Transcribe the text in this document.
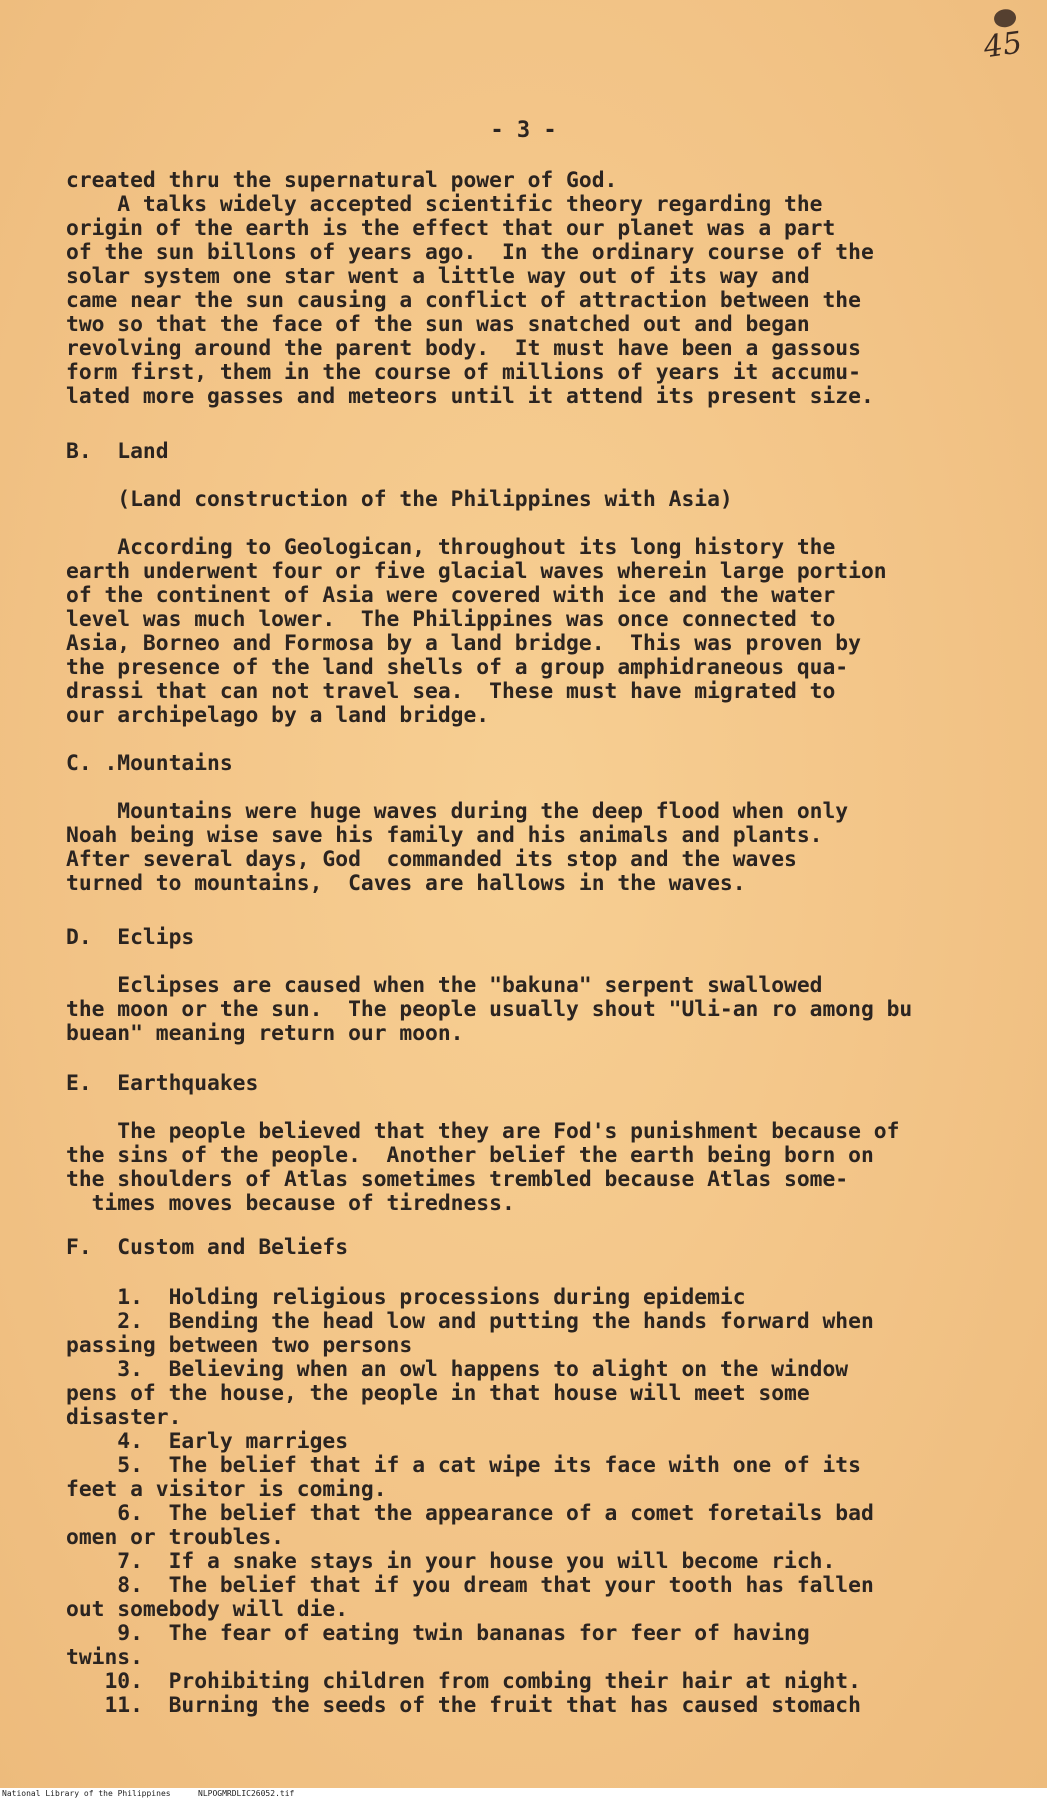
45
- 3 -
created thru the supernatural power of God.
A talks widely accepted scientific theory regarding the
origin of the earth is the effect that our planet was a part
of the sun billons of years ago.  In the ordinary course of the
solar system one star went a little way out of its way and
came near the sun causing a conflict of attraction between the
two so that the face of the sun was snatched out and began
revolving around the parent body.  It must have been a gassous
form first, them in the course of millions of years it accumu-
lated more gasses and meteors until it attend its present size.
B.  Land
(Land construction of the Philippines with Asia)
According to Geologican, throughout its long history the
earth underwent four or five glacial waves wherein large portion
of the continent of Asia were covered with ice and the water
level was much lower.  The Philippines was once connected to
Asia, Borneo and Formosa by a land bridge.  This was proven by
the presence of the land shells of a group amphidraneous qua-
drassi that can not travel sea.  These must have migrated to
our archipelago by a land bridge.
C. .Mountains
Mountains were huge waves during the deep flood when only
Noah being wise save his family and his animals and plants.
After several days, God  commanded its stop and the waves
turned to mountains,  Caves are hallows in the waves.
D.  Eclips
Eclipses are caused when the "bakuna" serpent swallowed
the moon or the sun.  The people usually shout "Uli-an ro among bu
buean" meaning return our moon.
E.  Earthquakes
The people believed that they are Fod's punishment because of
the sins of the people.  Another belief the earth being born on
the shoulders of Atlas sometimes trembled because Atlas some-
times moves because of tiredness.
F.  Custom and Beliefs
1.  Holding religious processions during epidemic
2.  Bending the head low and putting the hands forward when
passing between two persons
3.  Believing when an owl happens to alight on the window
pens of the house, the people in that house will meet some
disaster.
4.  Early marriges
5.  The belief that if a cat wipe its face with one of its
feet a visitor is coming.
6.  The belief that the appearance of a comet foretails bad
omen or troubles.
7.  If a snake stays in your house you will become rich.
8.  The belief that if you dream that your tooth has fallen
out somebody will die.
9.  The fear of eating twin bananas for feer of having
twins.
10.  Prohibiting children from combing their hair at night.
11.  Burning the seeds of the fruit that has caused stomach
National Library of the Philippines	NLPOGMRDLIC26052.tif
